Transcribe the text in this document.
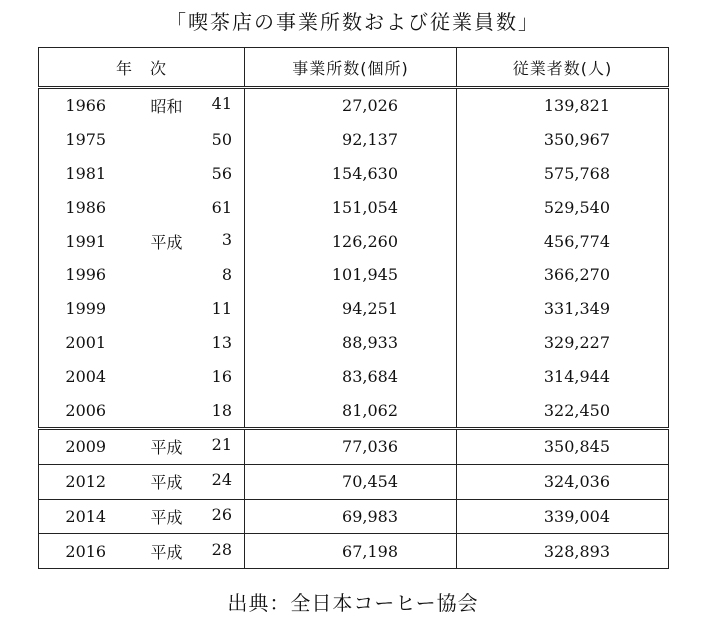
「喫茶店の事業所数および従業員数」
年　次		事業所数(個所)	従業者数(人)
1966	昭和 41	27,026	139,821
1975	50	92,137	350,967
1981	56	154,630	575,768
1986	61	151,054	529,540
1991	平成 3	126,260	456,774
1996	8	101,945	366,270
1999	11	94,251	331,349
2001	13	88,933	329,227
2004	16	83,684	314,944
2006	18	81,062	322,450
2009	平成 21	77,036	350,845
2012	平成 24	70,454	324,036
2014	平成 26	69,983	339,004
2016	平成 28	67,198	328,893
出典：全日本コーヒー協会
